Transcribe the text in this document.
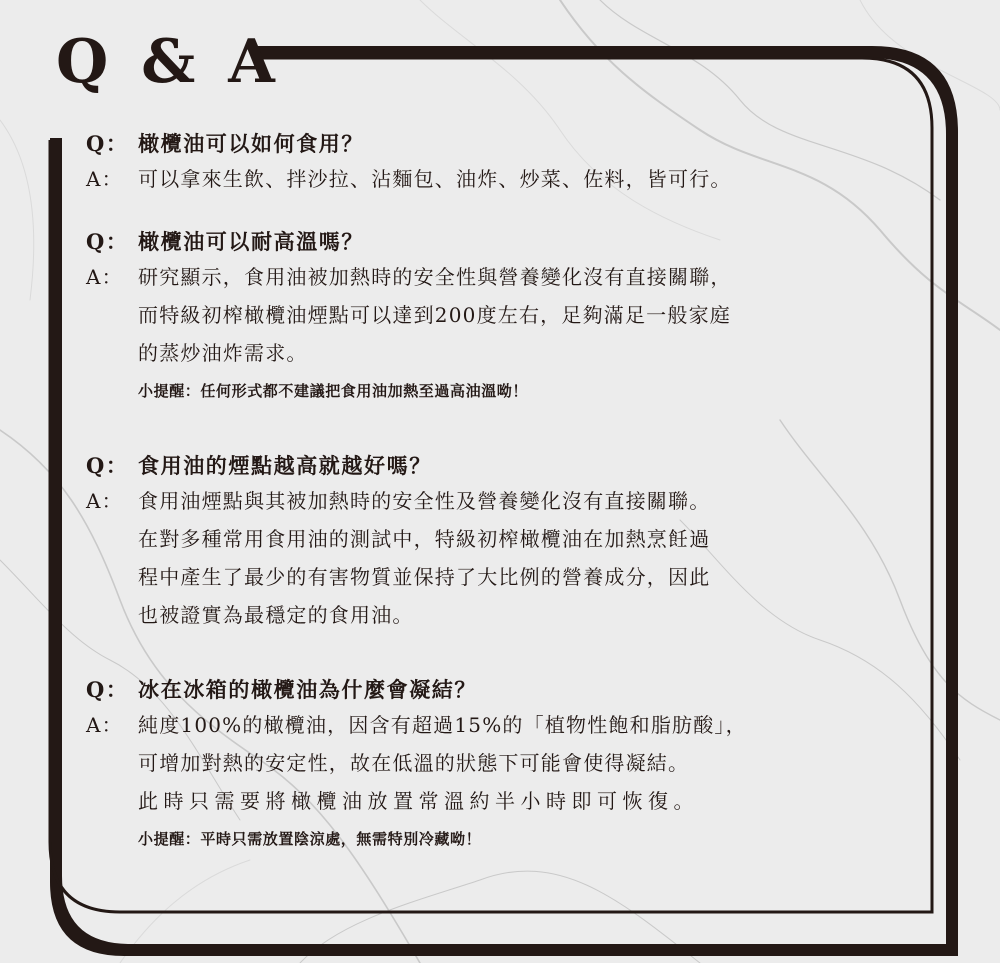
Q & A
Q： 橄欖油可以如何食用？
A： 可以拿來生飲、拌沙拉、沾麵包、油炸、炒菜、佐料，皆可行。
Q： 橄欖油可以耐高溫嗎？
A： 研究顯示，食用油被加熱時的安全性與營養變化沒有直接關聯，
而特級初榨橄欖油煙點可以達到200度左右，足夠滿足一般家庭
的蒸炒油炸需求。
小提醒：任何形式都不建議把食用油加熱至過高油溫呦！
Q： 食用油的煙點越高就越好嗎？
A： 食用油煙點與其被加熱時的安全性及營養變化沒有直接關聯。
在對多種常用食用油的測試中，特級初榨橄欖油在加熱烹飪過
程中產生了最少的有害物質並保持了大比例的營養成分，因此
也被證實為最穩定的食用油。
Q： 冰在冰箱的橄欖油為什麼會凝結？
A： 純度100%的橄欖油，因含有超過15%的「植物性飽和脂肪酸」，
可增加對熱的安定性，故在低溫的狀態下可能會使得凝結。
此時只需要將橄欖油放置常溫約半小時即可恢復。
小提醒：平時只需放置陰涼處，無需特別冷藏呦！
